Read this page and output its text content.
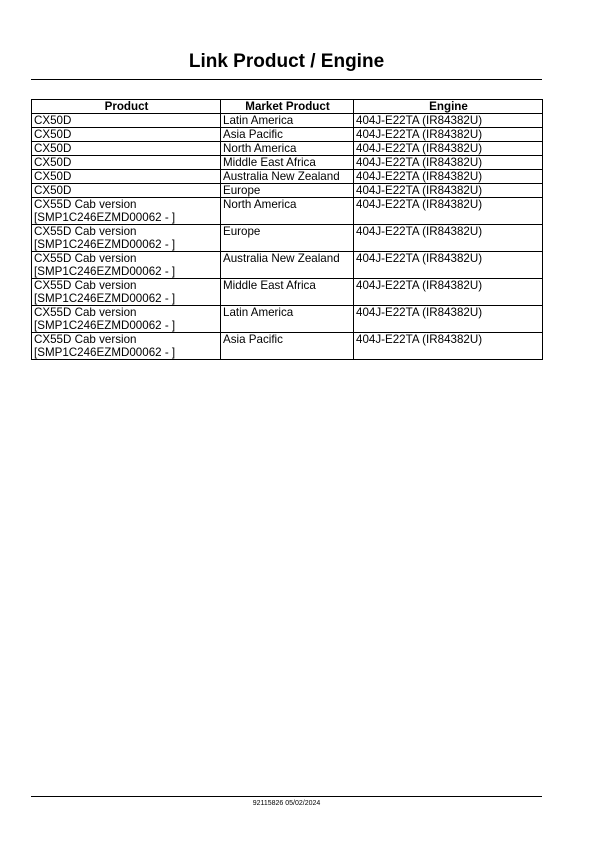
Link Product / Engine
Product	Market Product	Engine

CX50D	Latin America	404J-E22TA (IR84382U)

CX50D	Asia Pacific	404J-E22TA (IR84382U)

CX50D	North America	404J-E22TA (IR84382U)

CX50D	Middle East Africa	404J-E22TA (IR84382U)

CX50D	Australia New Zealand	404J-E22TA (IR84382U)

CX50D	Europe	404J-E22TA (IR84382U)

CX55D Cab version
[SMP1C246EZMD00062 - ]	North America	404J-E22TA (IR84382U)

CX55D Cab version
[SMP1C246EZMD00062 - ]	Europe	404J-E22TA (IR84382U)

CX55D Cab version
[SMP1C246EZMD00062 - ]	Australia New Zealand	404J-E22TA (IR84382U)

CX55D Cab version
[SMP1C246EZMD00062 - ]	Middle East Africa	404J-E22TA (IR84382U)

CX55D Cab version
[SMP1C246EZMD00062 - ]	Latin America	404J-E22TA (IR84382U)

CX55D Cab version
[SMP1C246EZMD00062 - ]	Asia Pacific	404J-E22TA (IR84382U)
92115826 05/02/2024
